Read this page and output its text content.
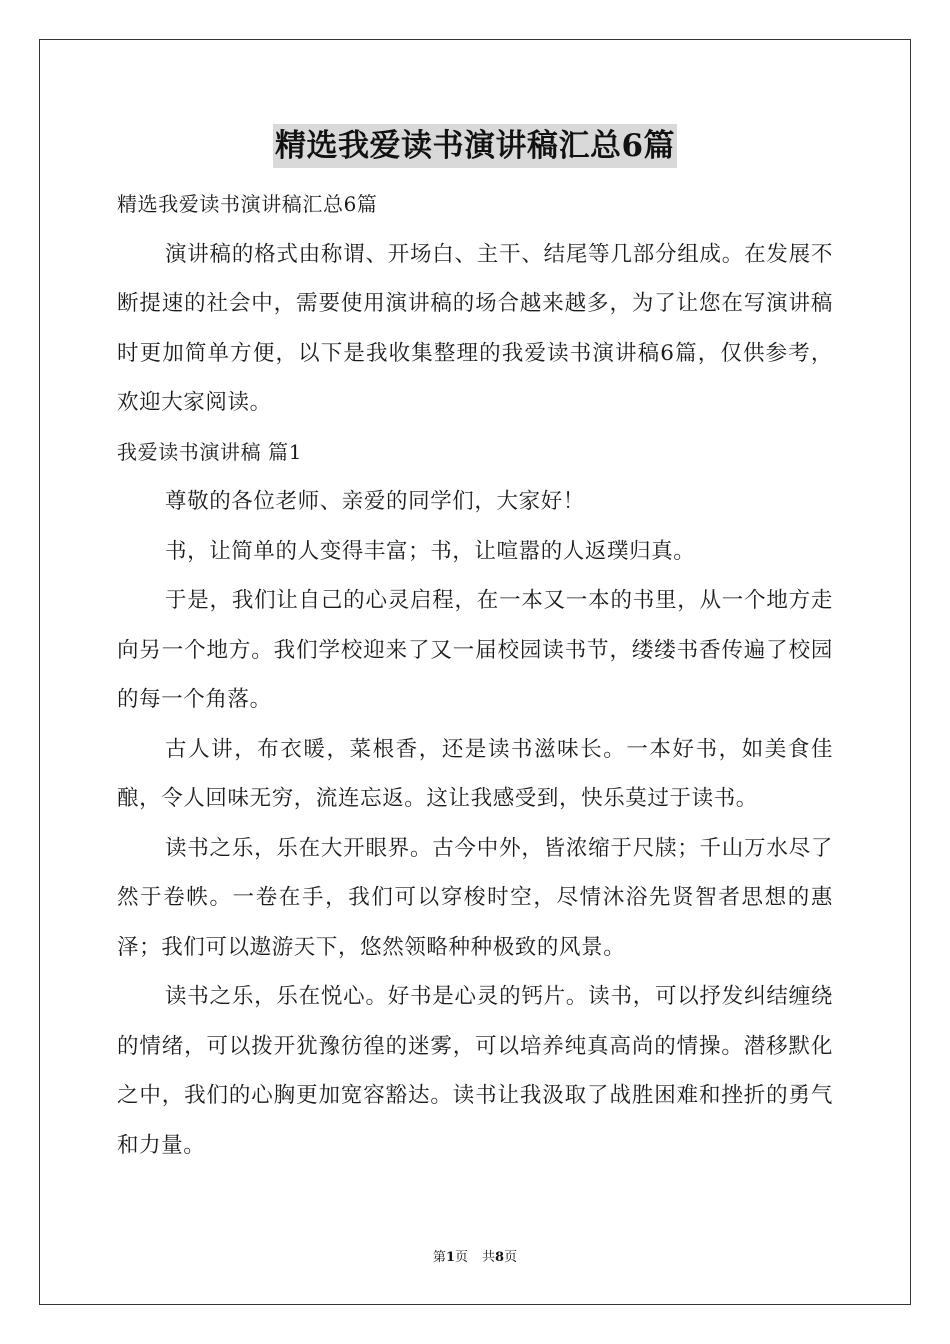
精选我爱读书演讲稿汇总6篇

精选我爱读书演讲稿汇总6篇

演讲稿的格式由称谓、开场白、主干、结尾等几部分组成。在发展不断提速的社会中，需要使用演讲稿的场合越来越多，为了让您在写演讲稿时更加简单方便，以下是我收集整理的我爱读书演讲稿6篇，仅供参考，欢迎大家阅读。

我爱读书演讲稿 篇1

尊敬的各位老师、亲爱的同学们，大家好！

书，让简单的人变得丰富；书，让喧嚣的人返璞归真。

于是，我们让自己的心灵启程，在一本又一本的书里，从一个地方走向另一个地方。我们学校迎来了又一届校园读书节，缕缕书香传遍了校园的每一个角落。

古人讲，布衣暖，菜根香，还是读书滋味长。一本好书，如美食佳酿，令人回味无穷，流连忘返。这让我感受到，快乐莫过于读书。

读书之乐，乐在大开眼界。古今中外，皆浓缩于尺牍；千山万水尽了然于卷帙。一卷在手，我们可以穿梭时空，尽情沐浴先贤智者思想的惠泽；我们可以遨游天下，悠然领略种种极致的风景。

读书之乐，乐在悦心。好书是心灵的钙片。读书，可以抒发纠结缠绕的情绪，可以拨开犹豫彷徨的迷雾，可以培养纯真高尚的情操。潜移默化之中，我们的心胸更加宽容豁达。读书让我汲取了战胜困难和挫折的勇气和力量。

第1页 共8页
